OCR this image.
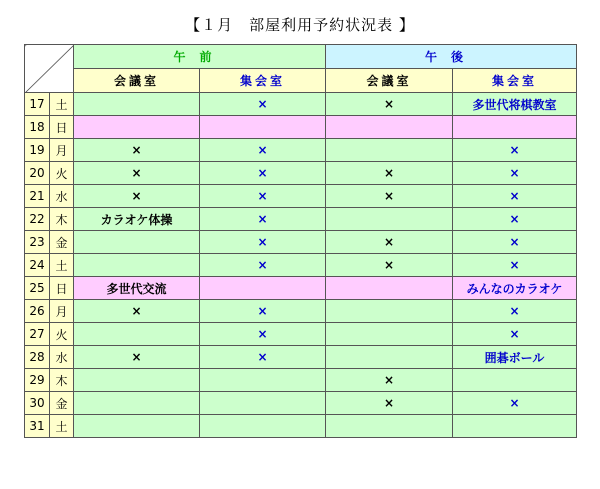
【１月　部屋利用予約状況表 】
		午前		午後	
		会議室	集会室	会議室	集会室
17	土		×	×	多世代将棋教室
18	日				
19	月	×	×		×
20	火	×	×	×	×
21	水	×	×	×	×
22	木	カラオケ体操	×		×
23	金		×	×	×
24	土		×	×	×
25	日	多世代交流			みんなのカラオケ
26	月	×	×		×
27	火		×		×
28	水	×	×		囲碁ボール
29	木			×	
30	金			×	×
31	土				
